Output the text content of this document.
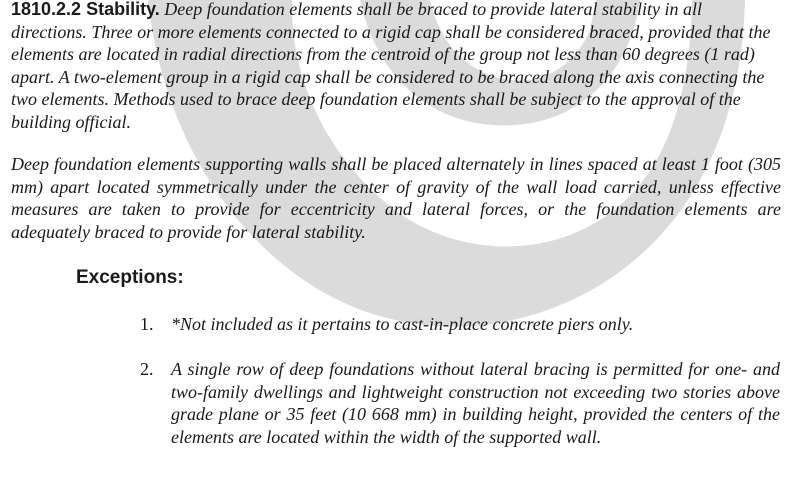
1810.2.2 Stability. Deep foundation elements shall be braced to provide lateral stability in all directions. Three or more elements connected to a rigid cap shall be considered braced, provided that the elements are located in radial directions from the centroid of the group not less than 60 degrees (1 rad) apart. A two-element group in a rigid cap shall be considered to be braced along the axis connecting the two elements. Methods used to brace deep foundation elements shall be subject to the approval of the building official.

Deep foundation elements supporting walls shall be placed alternately in lines spaced at least 1 foot (305 mm) apart located symmetrically under the center of gravity of the wall load carried, unless effective measures are taken to provide for eccentricity and lateral forces, or the foundation elements are adequately braced to provide for lateral stability.

Exceptions:
1. *Not included as it pertains to cast-in-place concrete piers only.
2. A single row of deep foundations without lateral bracing is permitted for one- and two-family dwellings and lightweight construction not exceeding two stories above grade plane or 35 feet (10 668 mm) in building height, provided the centers of the elements are located within the width of the supported wall.
